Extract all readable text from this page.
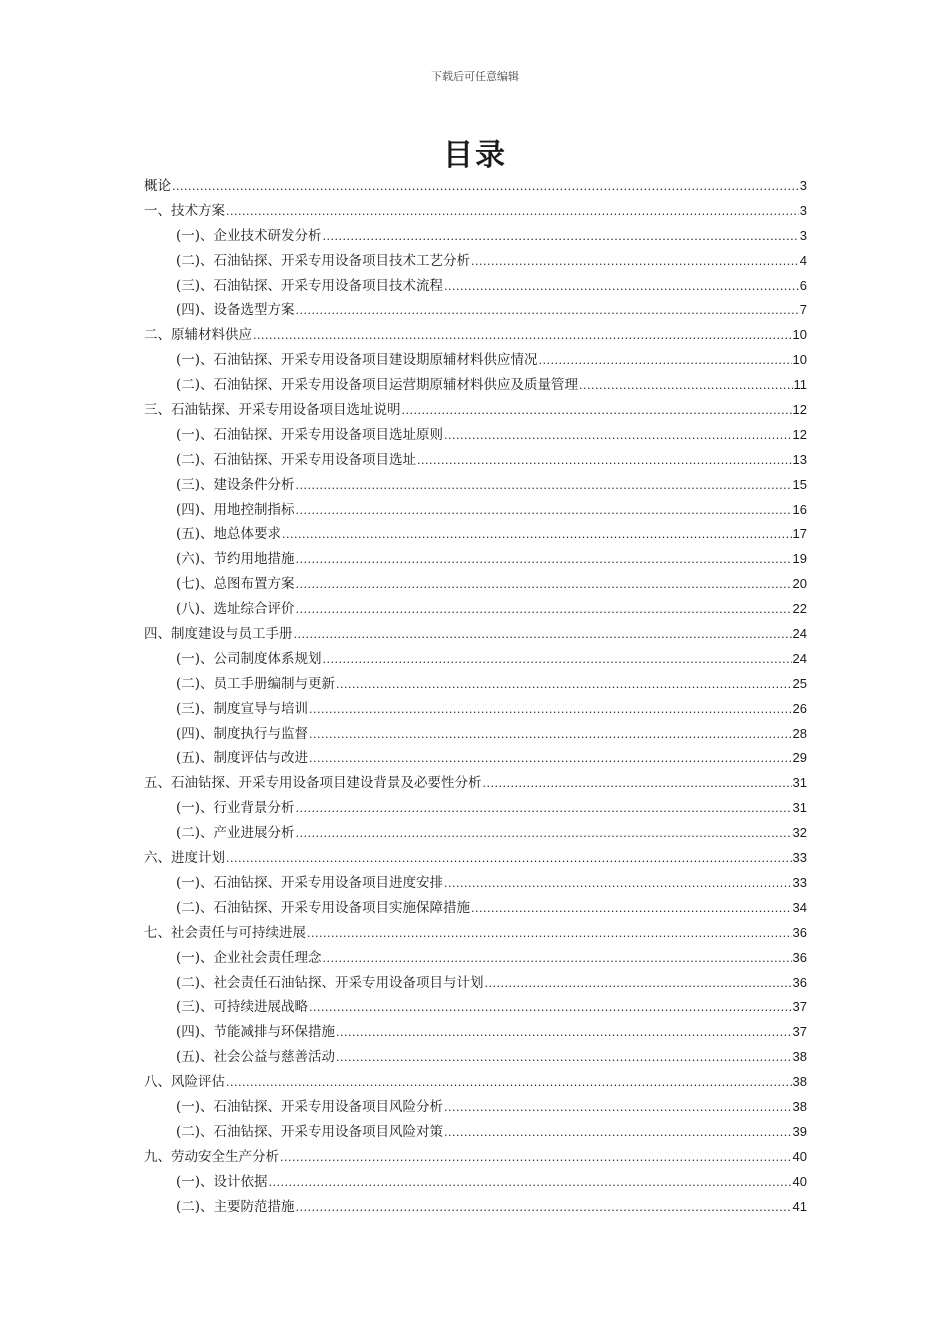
下载后可任意编辑
目录
概论 .....	3
一、技术方案 .....	3
(一)、企业技术研发分析 .....	3
(二)、石油钻探、开采专用设备项目技术工艺分析 .....	4
(三)、石油钻探、开采专用设备项目技术流程 .....	6
(四)、设备选型方案 .....	7
二、原辅材料供应 .....	10
(一)、石油钻探、开采专用设备项目建设期原辅材料供应情况 .....	10
(二)、石油钻探、开采专用设备项目运营期原辅材料供应及质量管理 .....	11
三、石油钻探、开采专用设备项目选址说明 .....	12
(一)、石油钻探、开采专用设备项目选址原则 .....	12
(二)、石油钻探、开采专用设备项目选址 .....	13
(三)、建设条件分析 .....	15
(四)、用地控制指标 .....	16
(五)、地总体要求 .....	17
(六)、节约用地措施 .....	19
(七)、总图布置方案 .....	20
(八)、选址综合评价 .....	22
四、制度建设与员工手册 .....	24
(一)、公司制度体系规划 .....	24
(二)、员工手册编制与更新 .....	25
(三)、制度宣导与培训 .....	26
(四)、制度执行与监督 .....	28
(五)、制度评估与改进 .....	29
五、石油钻探、开采专用设备项目建设背景及必要性分析 .....	31
(一)、行业背景分析 .....	31
(二)、产业进展分析 .....	32
六、进度计划 .....	33
(一)、石油钻探、开采专用设备项目进度安排 .....	33
(二)、石油钻探、开采专用设备项目实施保障措施 .....	34
七、社会责任与可持续进展 .....	36
(一)、企业社会责任理念 .....	36
(二)、社会责任石油钻探、开采专用设备项目与计划 .....	36
(三)、可持续进展战略 .....	37
(四)、节能减排与环保措施 .....	37
(五)、社会公益与慈善活动 .....	38
八、风险评估 .....	38
(一)、石油钻探、开采专用设备项目风险分析 .....	38
(二)、石油钻探、开采专用设备项目风险对策 .....	39
九、劳动安全生产分析 .....	40
(一)、设计依据 .....	40
(二)、主要防范措施 .....	41
